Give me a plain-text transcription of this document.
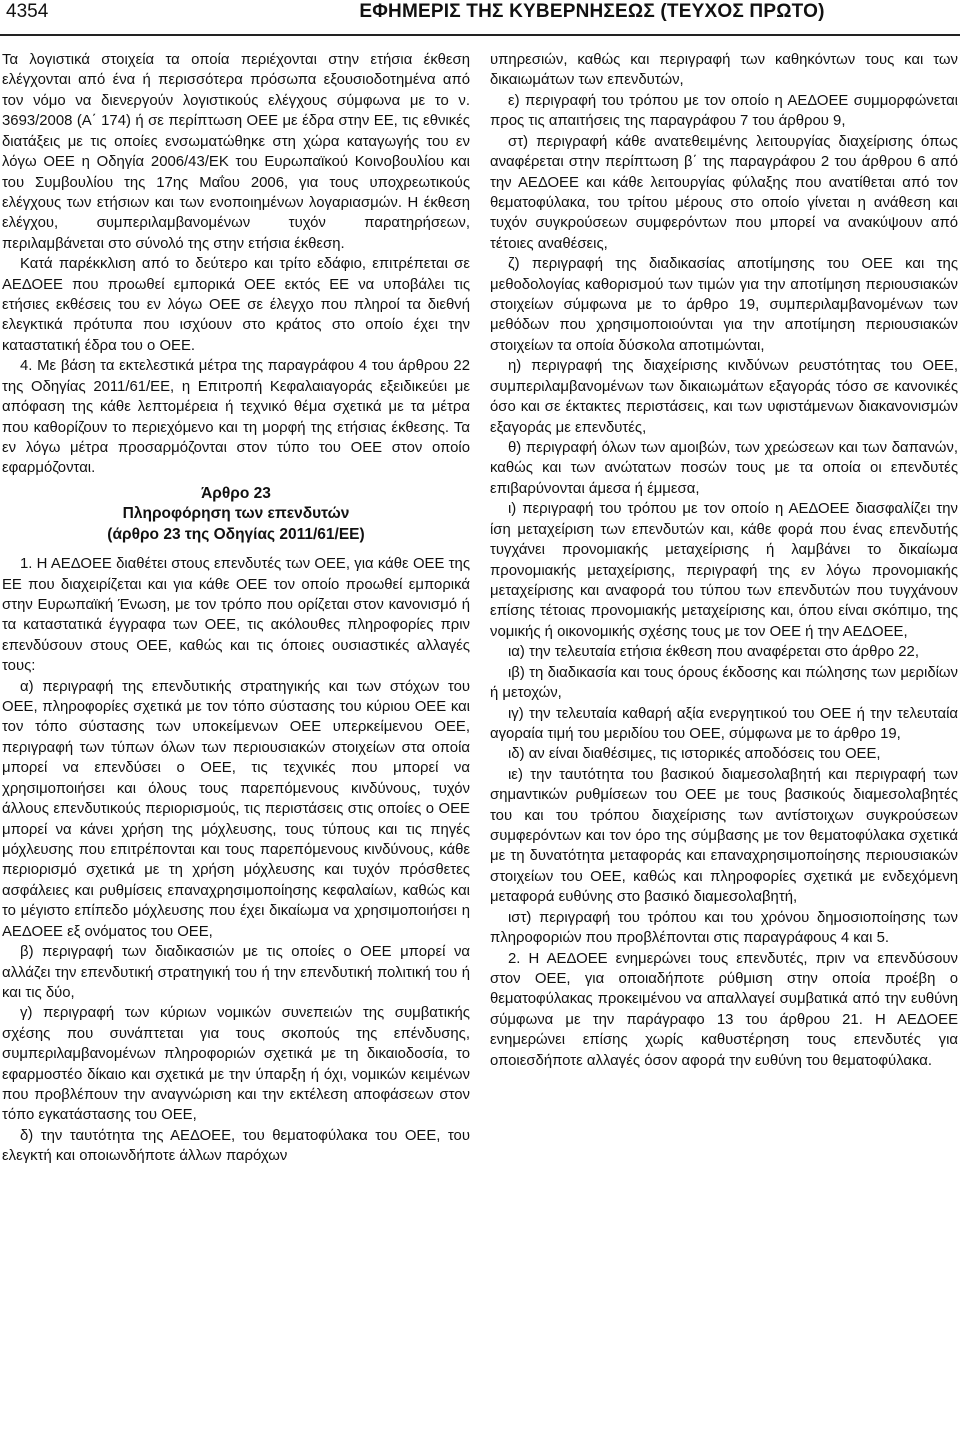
4354	ΕΦΗΜΕΡΙΣ ΤΗΣ ΚΥΒΕΡΝΗΣΕΩΣ (ΤΕΥΧΟΣ ΠΡΩΤΟ)

Τα λογιστικά στοιχεία τα οποία περιέχονται στην ετήσια έκθεση ελέγχονται από ένα ή περισσότερα πρόσωπα εξουσιοδοτημένα από τον νόμο να διενεργούν λογιστικούς ελέγχους σύμφωνα με το ν. 3693/2008 (Α΄ 174) ή σε περίπτωση ΟΕΕ με έδρα στην ΕΕ, τις εθνικές διατάξεις με τις οποίες ενσωματώθηκε στη χώρα καταγωγής του εν λόγω ΟΕΕ η Οδηγία 2006/43/ΕΚ του Ευρωπαϊκού Κοινοβουλίου και του Συμβουλίου της 17ης Μαΐου 2006, για τους υποχρεωτικούς ελέγχους των ετήσιων και των ενοποιημένων λογαριασμών. Η έκθεση ελέγχου, συμπεριλαμβανομένων τυχόν παρατηρήσεων, περιλαμβάνεται στο σύνολό της στην ετήσια έκθεση.

Κατά παρέκκλιση από το δεύτερο και τρίτο εδάφιο, επιτρέπεται σε ΑΕΔΟΕΕ που προωθεί εμπορικά ΟΕΕ εκτός ΕΕ να υποβάλει τις ετήσιες εκθέσεις του εν λόγω ΟΕΕ σε έλεγχο που πληροί τα διεθνή ελεγκτικά πρότυπα που ισχύουν στο κράτος στο οποίο έχει την καταστατική έδρα του ο ΟΕΕ.

4. Με βάση τα εκτελεστικά μέτρα της παραγράφου 4 του άρθρου 22 της Οδηγίας 2011/61/ΕΕ, η Επιτροπή Κεφαλαιαγοράς εξειδικεύει με απόφαση της κάθε λεπτομέρεια ή τεχνικό θέμα σχετικά με τα μέτρα που καθορίζουν το περιεχόμενο και τη μορφή της ετήσιας έκθεσης. Τα εν λόγω μέτρα προσαρμόζονται στον τύπο του ΟΕΕ στον οποίο εφαρμόζονται.

Άρθρο 23
Πληροφόρηση των επενδυτών
(άρθρο 23 της Οδηγίας 2011/61/ΕΕ)

1. Η ΑΕΔΟΕΕ διαθέτει στους επενδυτές των ΟΕΕ, για κάθε ΟΕΕ της ΕΕ που διαχειρίζεται και για κάθε ΟΕΕ τον οποίο προωθεί εμπορικά στην Ευρωπαϊκή Ένωση, με τον τρόπο που ορίζεται στον κανονισμό ή τα καταστατικά έγγραφα των ΟΕΕ, τις ακόλουθες πληροφορίες πριν επενδύσουν στους ΟΕΕ, καθώς και τις όποιες ουσιαστικές αλλαγές τους:

α) περιγραφή της επενδυτικής στρατηγικής και των στόχων του ΟΕΕ, πληροφορίες σχετικά με τον τόπο σύστασης του κύριου ΟΕΕ και τον τόπο σύστασης των υποκείμενων ΟΕΕ υπερκείμενου ΟΕΕ, περιγραφή των τύπων όλων των περιουσιακών στοιχείων στα οποία μπορεί να επενδύσει ο ΟΕΕ, τις τεχνικές που μπορεί να χρησιμοποιήσει και όλους τους παρεπόμενους κινδύνους, τυχόν άλλους επενδυτικούς περιορισμούς, τις περιστάσεις στις οποίες ο ΟΕΕ μπορεί να κάνει χρήση της μόχλευσης, τους τύπους και τις πηγές μόχλευσης που επιτρέπονται και τους παρεπόμενους κινδύνους, κάθε περιορισμό σχετικά με τη χρήση μόχλευσης και τυχόν πρόσθετες ασφάλειες και ρυθμίσεις επαναχρησιμοποίησης κεφαλαίων, καθώς και το μέγιστο επίπεδο μόχλευσης που έχει δικαίωμα να χρησιμοποιήσει η ΑΕΔΟΕΕ εξ ονόματος του ΟΕΕ,

β) περιγραφή των διαδικασιών με τις οποίες ο ΟΕΕ μπορεί να αλλάζει την επενδυτική στρατηγική του ή την επενδυτική πολιτική του ή και τις δύο,

γ) περιγραφή των κύριων νομικών συνεπειών της συμβατικής σχέσης που συνάπτεται για τους σκοπούς της επένδυσης, συμπεριλαμβανομένων πληροφοριών σχετικά με τη δικαιοδοσία, το εφαρμοστέο δίκαιο και σχετικά με την ύπαρξη ή όχι, νομικών κειμένων που προβλέπουν την αναγνώριση και την εκτέλεση αποφάσεων στον τόπο εγκατάστασης του ΟΕΕ,

δ) την ταυτότητα της ΑΕΔΟΕΕ, του θεματοφύλακα του ΟΕΕ, του ελεγκτή και οποιωνδήποτε άλλων παρόχων

υπηρεσιών, καθώς και περιγραφή των καθηκόντων τους και των δικαιωμάτων των επενδυτών,

ε) περιγραφή του τρόπου με τον οποίο η ΑΕΔΟΕΕ συμμορφώνεται προς τις απαιτήσεις της παραγράφου 7 του άρθρου 9,

στ) περιγραφή κάθε ανατεθειμένης λειτουργίας διαχείρισης όπως αναφέρεται στην περίπτωση β΄ της παραγράφου 2 του άρθρου 6 από την ΑΕΔΟΕΕ και κάθε λειτουργίας φύλαξης που ανατίθεται από τον θεματοφύλακα, του τρίτου μέρους στο οποίο γίνεται η ανάθεση και τυχόν συγκρούσεων συμφερόντων που μπορεί να ανακύψουν από τέτοιες αναθέσεις,

ζ) περιγραφή της διαδικασίας αποτίμησης του ΟΕΕ και της μεθοδολογίας καθορισμού των τιμών για την αποτίμηση περιουσιακών στοιχείων σύμφωνα με το άρθρο 19, συμπεριλαμβανομένων των μεθόδων που χρησιμοποιούνται για την αποτίμηση περιουσιακών στοιχείων τα οποία δύσκολα αποτιμώνται,

η) περιγραφή της διαχείρισης κινδύνων ρευστότητας του ΟΕΕ, συμπεριλαμβανομένων των δικαιωμάτων εξαγοράς τόσο σε κανονικές όσο και σε έκτακτες περιστάσεις, και των υφιστάμενων διακανονισμών εξαγοράς με επενδυτές,

θ) περιγραφή όλων των αμοιβών, των χρεώσεων και των δαπανών, καθώς και των ανώτατων ποσών τους με τα οποία οι επενδυτές επιβαρύνονται άμεσα ή έμμεσα,

ι) περιγραφή του τρόπου με τον οποίο η ΑΕΔΟΕΕ διασφαλίζει την ίση μεταχείριση των επενδυτών και, κάθε φορά που ένας επενδυτής τυγχάνει προνομιακής μεταχείρισης ή λαμβάνει το δικαίωμα προνομιακής μεταχείρισης, περιγραφή της εν λόγω προνομιακής μεταχείρισης και αναφορά του τύπου των επενδυτών που τυγχάνουν επίσης τέτοιας προνομιακής μεταχείρισης και, όπου είναι σκόπιμο, της νομικής ή οικονομικής σχέσης τους με τον ΟΕΕ ή την ΑΕΔΟΕΕ,

ια) την τελευταία ετήσια έκθεση που αναφέρεται στο άρθρο 22,

ιβ) τη διαδικασία και τους όρους έκδοσης και πώλησης των μεριδίων ή μετοχών,

ιγ) την τελευταία καθαρή αξία ενεργητικού του ΟΕΕ ή την τελευταία αγοραία τιμή του μεριδίου του ΟΕΕ, σύμφωνα με το άρθρο 19,

ιδ) αν είναι διαθέσιμες, τις ιστορικές αποδόσεις του ΟΕΕ,

ιε) την ταυτότητα του βασικού διαμεσολαβητή και περιγραφή των σημαντικών ρυθμίσεων του ΟΕΕ με τους βασικούς διαμεσολαβητές του και του τρόπου διαχείρισης των αντίστοιχων συγκρούσεων συμφερόντων και τον όρο της σύμβασης με τον θεματοφύλακα σχετικά με τη δυνατότητα μεταφοράς και επαναχρησιμοποίησης περιουσιακών στοιχείων του ΟΕΕ, καθώς και πληροφορίες σχετικά με ενδεχόμενη μεταφορά ευθύνης στο βασικό διαμεσολαβητή,

ιστ) περιγραφή του τρόπου και του χρόνου δημοσιοποίησης των πληροφοριών που προβλέπονται στις παραγράφους 4 και 5.

2. Η ΑΕΔΟΕΕ ενημερώνει τους επενδυτές, πριν να επενδύσουν στον ΟΕΕ, για οποιαδήποτε ρύθμιση στην οποία προέβη ο θεματοφύλακας προκειμένου να απαλλαγεί συμβατικά από την ευθύνη σύμφωνα με την παράγραφο 13 του άρθρου 21. Η ΑΕΔΟΕΕ ενημερώνει επίσης χωρίς καθυστέρηση τους επενδυτές για οποιεσδήποτε αλλαγές όσον αφορά την ευθύνη του θεματοφύλακα.
